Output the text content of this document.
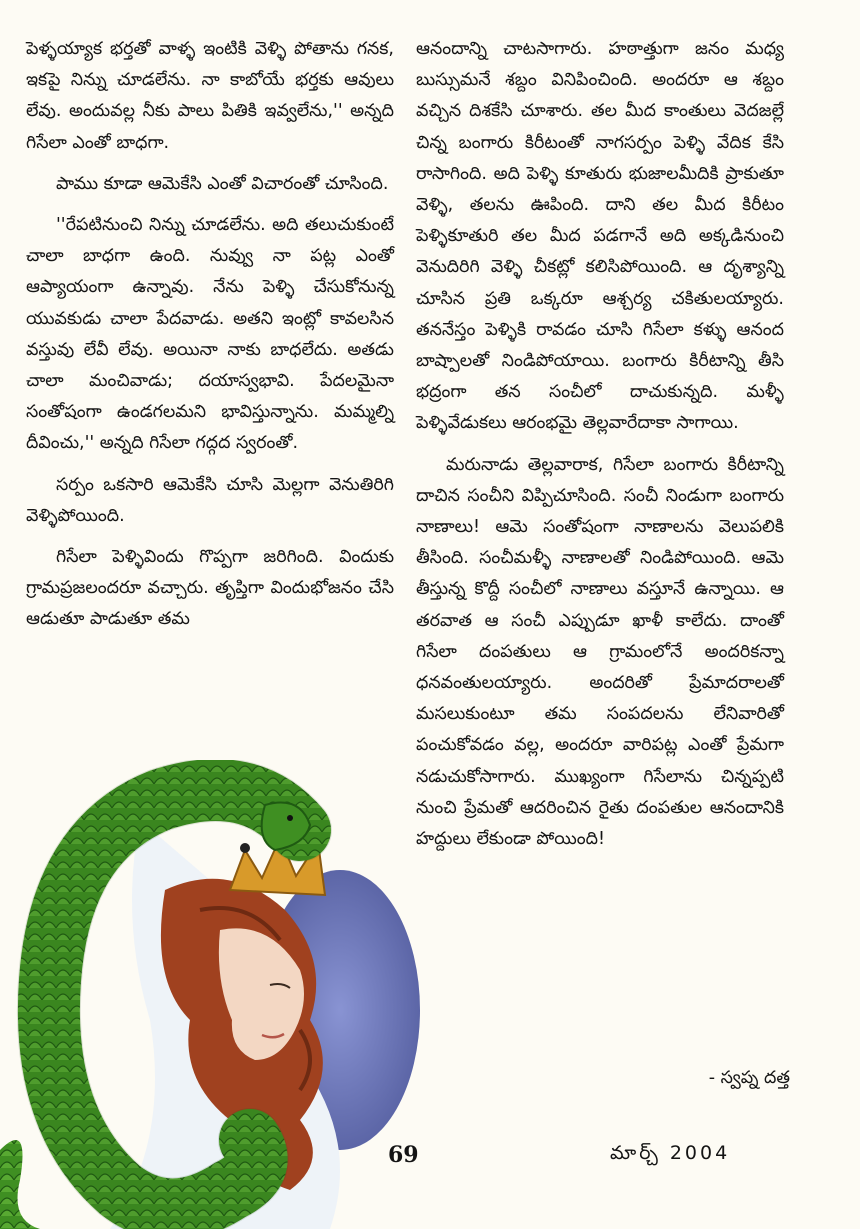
పెళ్ళయ్యాక భర్తతో వాళ్ళ ఇంటికి వెళ్ళి పోతాను గనక, ఇకపై నిన్ను చూడలేను. నా కాబోయే భర్తకు ఆవులు లేవు. అందువల్ల నీకు పాలు పితికి ఇవ్వలేను,'' అన్నది గిసేలా ఎంతో బాధగా.

పాము కూడా ఆమెకేసి ఎంతో విచారంతో చూసింది.

''రేపటినుంచి నిన్ను చూడలేను. అది తలుచుకుంటే చాలా బాధగా ఉంది. నువ్వు నా పట్ల ఎంతో ఆప్యాయంగా ఉన్నావు. నేను పెళ్ళి చేసుకోనున్న యువకుడు చాలా పేదవాడు. అతని ఇంట్లో కావలసిన వస్తువు లేవీ లేవు. అయినా నాకు బాధలేదు. అతడు చాలా మంచివాడు; దయాస్వభావి. పేదలమైనా సంతోషంగా ఉండగలమని భావిస్తున్నాను. మమ్మల్ని దీవించు,'' అన్నది గిసేలా గద్గద స్వరంతో.

సర్పం ఒకసారి ఆమెకేసి చూసి మెల్లగా వెనుతిరిగి వెళ్ళిపోయింది.

గిసేలా పెళ్ళివిందు గొప్పగా జరిగింది. విందుకు గ్రామప్రజలందరూ వచ్చారు. తృప్తిగా విందుభోజనం చేసి ఆడుతూ పాడుతూ తమ

ఆనందాన్ని చాటసాగారు. హఠాత్తుగా జనం మధ్య బుస్సుమనే శబ్దం వినిపించింది. అందరూ ఆ శబ్దం వచ్చిన దిశకేసి చూశారు. తల మీద కాంతులు వెదజల్లే చిన్న బంగారు కిరీటంతో నాగసర్పం పెళ్ళి వేదిక కేసి రాసాగింది. అది పెళ్ళి కూతురు భుజాలమీదికి ప్రాకుతూ వెళ్ళి, తలను ఊపింది. దాని తల మీద కిరీటం పెళ్ళికూతురి తల మీద పడగానే అది అక్కడినుంచి వెనుదిరిగి వెళ్ళి చీకట్లో కలిసిపోయింది. ఆ దృశ్యాన్ని చూసిన ప్రతి ఒక్కరూ ఆశ్చర్య చకితులయ్యారు. తననేస్తం పెళ్ళికి రావడం చూసి గిసేలా కళ్ళు ఆనంద బాష్పాలతో నిండిపోయాయి. బంగారు కిరీటాన్ని తీసి భద్రంగా తన సంచీలో దాచుకున్నది. మళ్ళీ పెళ్ళివేడుకలు ఆరంభమై తెల్లవారేదాకా సాగాయి.

మరునాడు తెల్లవారాక, గిసేలా బంగారు కిరీటాన్ని దాచిన సంచీని విప్పిచూసింది. సంచీ నిండుగా బంగారు నాణాలు! ఆమె సంతోషంగా నాణాలను వెలుపలికి తీసింది. సంచీమళ్ళీ నాణాలతో నిండిపోయింది. ఆమె తీస్తున్న కొద్దీ సంచీలో నాణాలు వస్తూనే ఉన్నాయి. ఆ తరవాత ఆ సంచీ ఎప్పుడూ ఖాళీ కాలేదు. దాంతో గిసేలా దంపతులు ఆ గ్రామంలోనే అందరికన్నా ధనవంతులయ్యారు. అందరితో ప్రేమాదరాలతో మసలుకుంటూ తమ సంపదలను లేనివారితో పంచుకోవడం వల్ల, అందరూ వారిపట్ల ఎంతో ప్రేమగా నడుచుకోసాగారు. ముఖ్యంగా గిసేలాను చిన్నప్పటి నుంచి ప్రేమతో ఆదరించిన రైతు దంపతుల ఆనందానికి హద్దులు లేకుండా పోయింది!

- స్వప్న దత్త
69	మార్చ్ 2004
